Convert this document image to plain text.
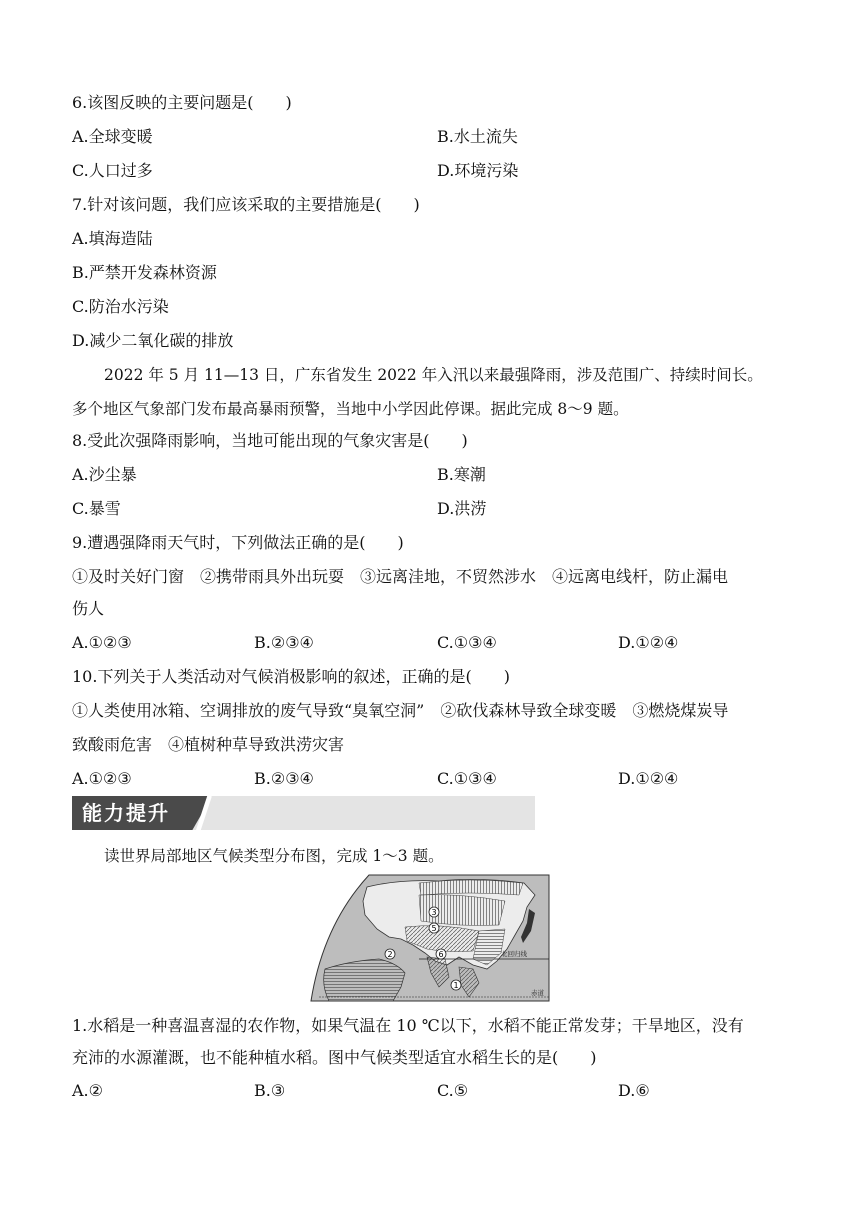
6.该图反映的主要问题是(　　)
A.全球变暖	B.水土流失
C.人口过多	D.环境污染
7.针对该问题，我们应该采取的主要措施是(　　)
A.填海造陆
B.严禁开发森林资源
C.防治水污染
D.减少二氧化碳的排放
2022 年 5 月 11—13 日，广东省发生 2022 年入汛以来最强降雨，涉及范围广、持续时间长。
多个地区气象部门发布最高暴雨预警，当地中小学因此停课。据此完成 8～9 题。
8.受此次强降雨影响，当地可能出现的气象灾害是(　　)
A.沙尘暴	B.寒潮
C.暴雪	D.洪涝
9.遭遇强降雨天气时，下列做法正确的是(　　)
①及时关好门窗　②携带雨具外出玩耍　③远离洼地，不贸然涉水　④远离电线杆，防止漏电
伤人
A.①②③	B.②③④	C.①③④	D.①②④
10.下列关于人类活动对气候消极影响的叙述，正确的是(　　)
①人类使用冰箱、空调排放的废气导致“臭氧空洞”　②砍伐森林导致全球变暖　③燃烧煤炭导
致酸雨危害　④植树种草导致洪涝灾害
A.①②③	B.②③④	C.①③④	D.①②④
能力提升
读世界局部地区气候类型分布图，完成 1～3 题。
1
2
3
5
6	北回归线
赤道
1.水稻是一种喜温喜湿的农作物，如果气温在 10 ℃以下，水稻不能正常发芽；干旱地区，没有
充沛的水源灌溉，也不能种植水稻。图中气候类型适宜水稻生长的是(　　)
A.②	B.③	C.⑤	D.⑥
